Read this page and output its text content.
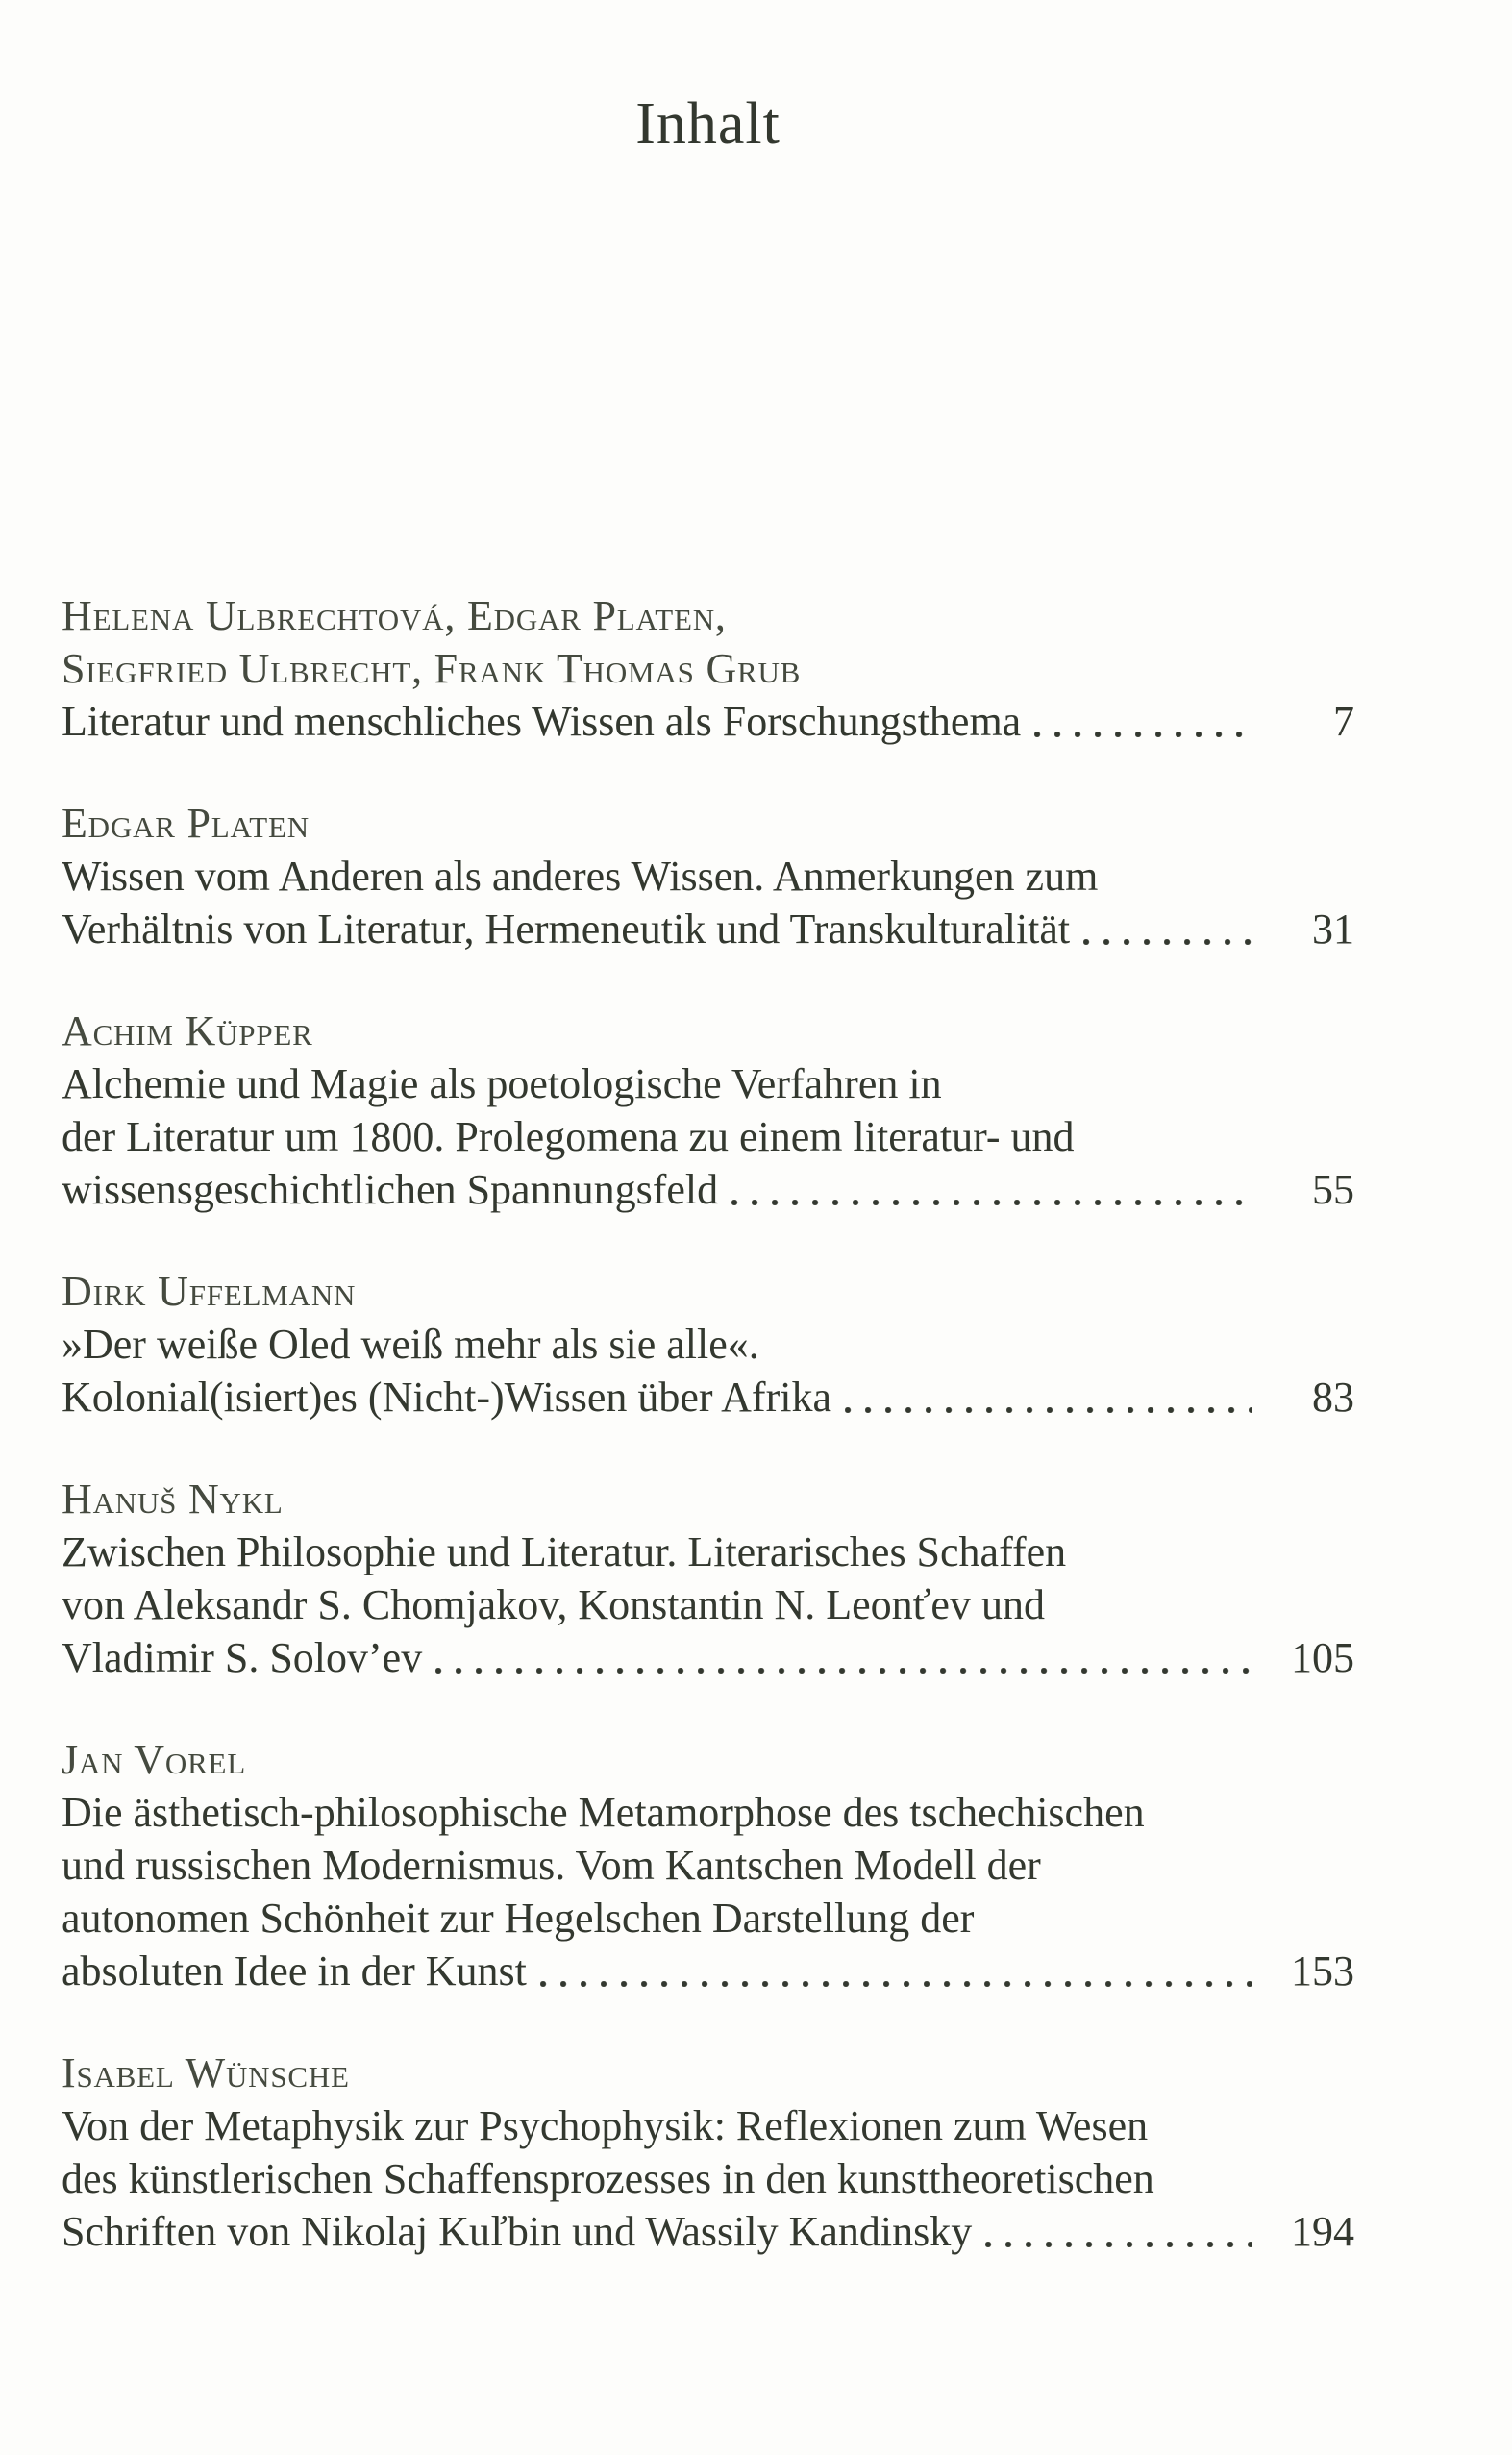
Inhalt
Helena Ulbrechtová, Edgar Platen,
Siegfried Ulbrecht, Frank Thomas Grub
Literatur und menschliches Wissen als Forschungsthema	7
Edgar Platen
Wissen vom Anderen als anderes Wissen. Anmerkungen zum
Verhältnis von Literatur, Hermeneutik und Transkulturalität	31
Achim Küpper
Alchemie und Magie als poetologische Verfahren in
der Literatur um 1800. Prolegomena zu einem literatur- und
wissensgeschichtlichen Spannungsfeld	55
Dirk Uffelmann
»Der weiße Oled weiß mehr als sie alle«.
Kolonial(isiert)es (Nicht-)Wissen über Afrika	83
Hanuš Nykl
Zwischen Philosophie und Literatur. Literarisches Schaffen
von Aleksandr S. Chomjakov, Konstantin N. Leonťev und
Vladimir S. Solov’ev	105
Jan Vorel
Die ästhetisch-philosophische Metamorphose des tschechischen
und russischen Modernismus. Vom Kantschen Modell der
autonomen Schönheit zur Hegelschen Darstellung der
absoluten Idee in der Kunst	153
Isabel Wünsche
Von der Metaphysik zur Psychophysik: Reflexionen zum Wesen
des künstlerischen Schaffensprozesses in den kunsttheoretischen
Schriften von Nikolaj Kuľbin und Wassily Kandinsky	194
